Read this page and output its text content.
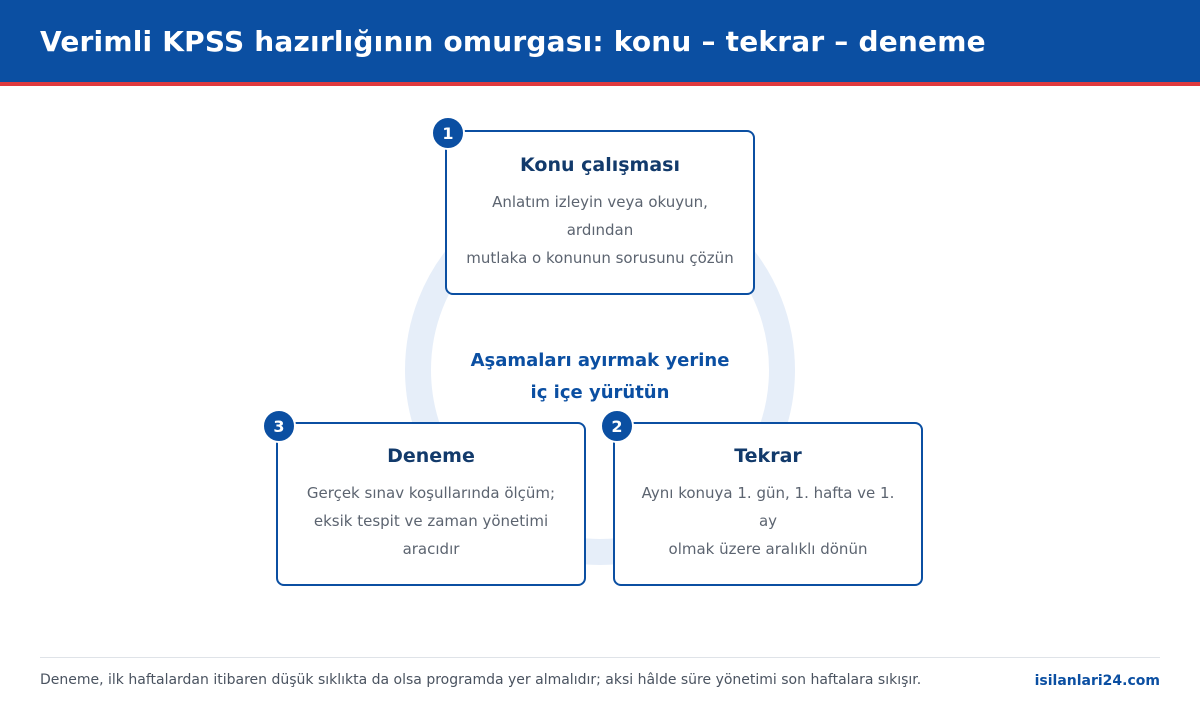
Verimli KPSS hazırlığının omurgası: konu – tekrar – deneme
Aşamaları ayırmak yerine
iç içe yürütün
Konu çalışması
Anlatım izleyin veya okuyun, ardından
mutlaka o konunun sorusunu çözün
1
Tekrar
Aynı konuya 1. gün, 1. hafta ve 1. ay
olmak üzere aralıklı dönün
2
Deneme
Gerçek sınav koşullarında ölçüm;
eksik tespit ve zaman yönetimi
aracıdır
3
Deneme, ilk haftalardan itibaren düşük sıklıkta da olsa programda yer almalıdır; aksi hâlde süre yönetimi son haftalara sıkışır.	isilanlari24.com
